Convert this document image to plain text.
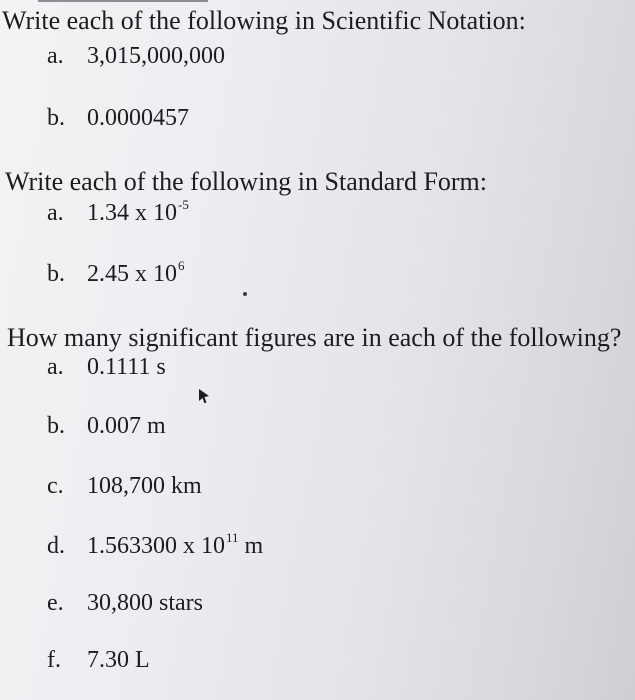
Write each of the following in Scientific Notation:
a. 3,015,000,000
b. 0.0000457
Write each of the following in Standard Form:
a. 1.34 x $10^{-5}$
b. 2.45 x $10^6$
How many significant figures are in each of the following?
a. 0.1111 s
b. 0.007 m
c. 108,700 km
d. 1.563300 x $10^{11}$ m
e. 30,800 stars
f.	7.30 L
